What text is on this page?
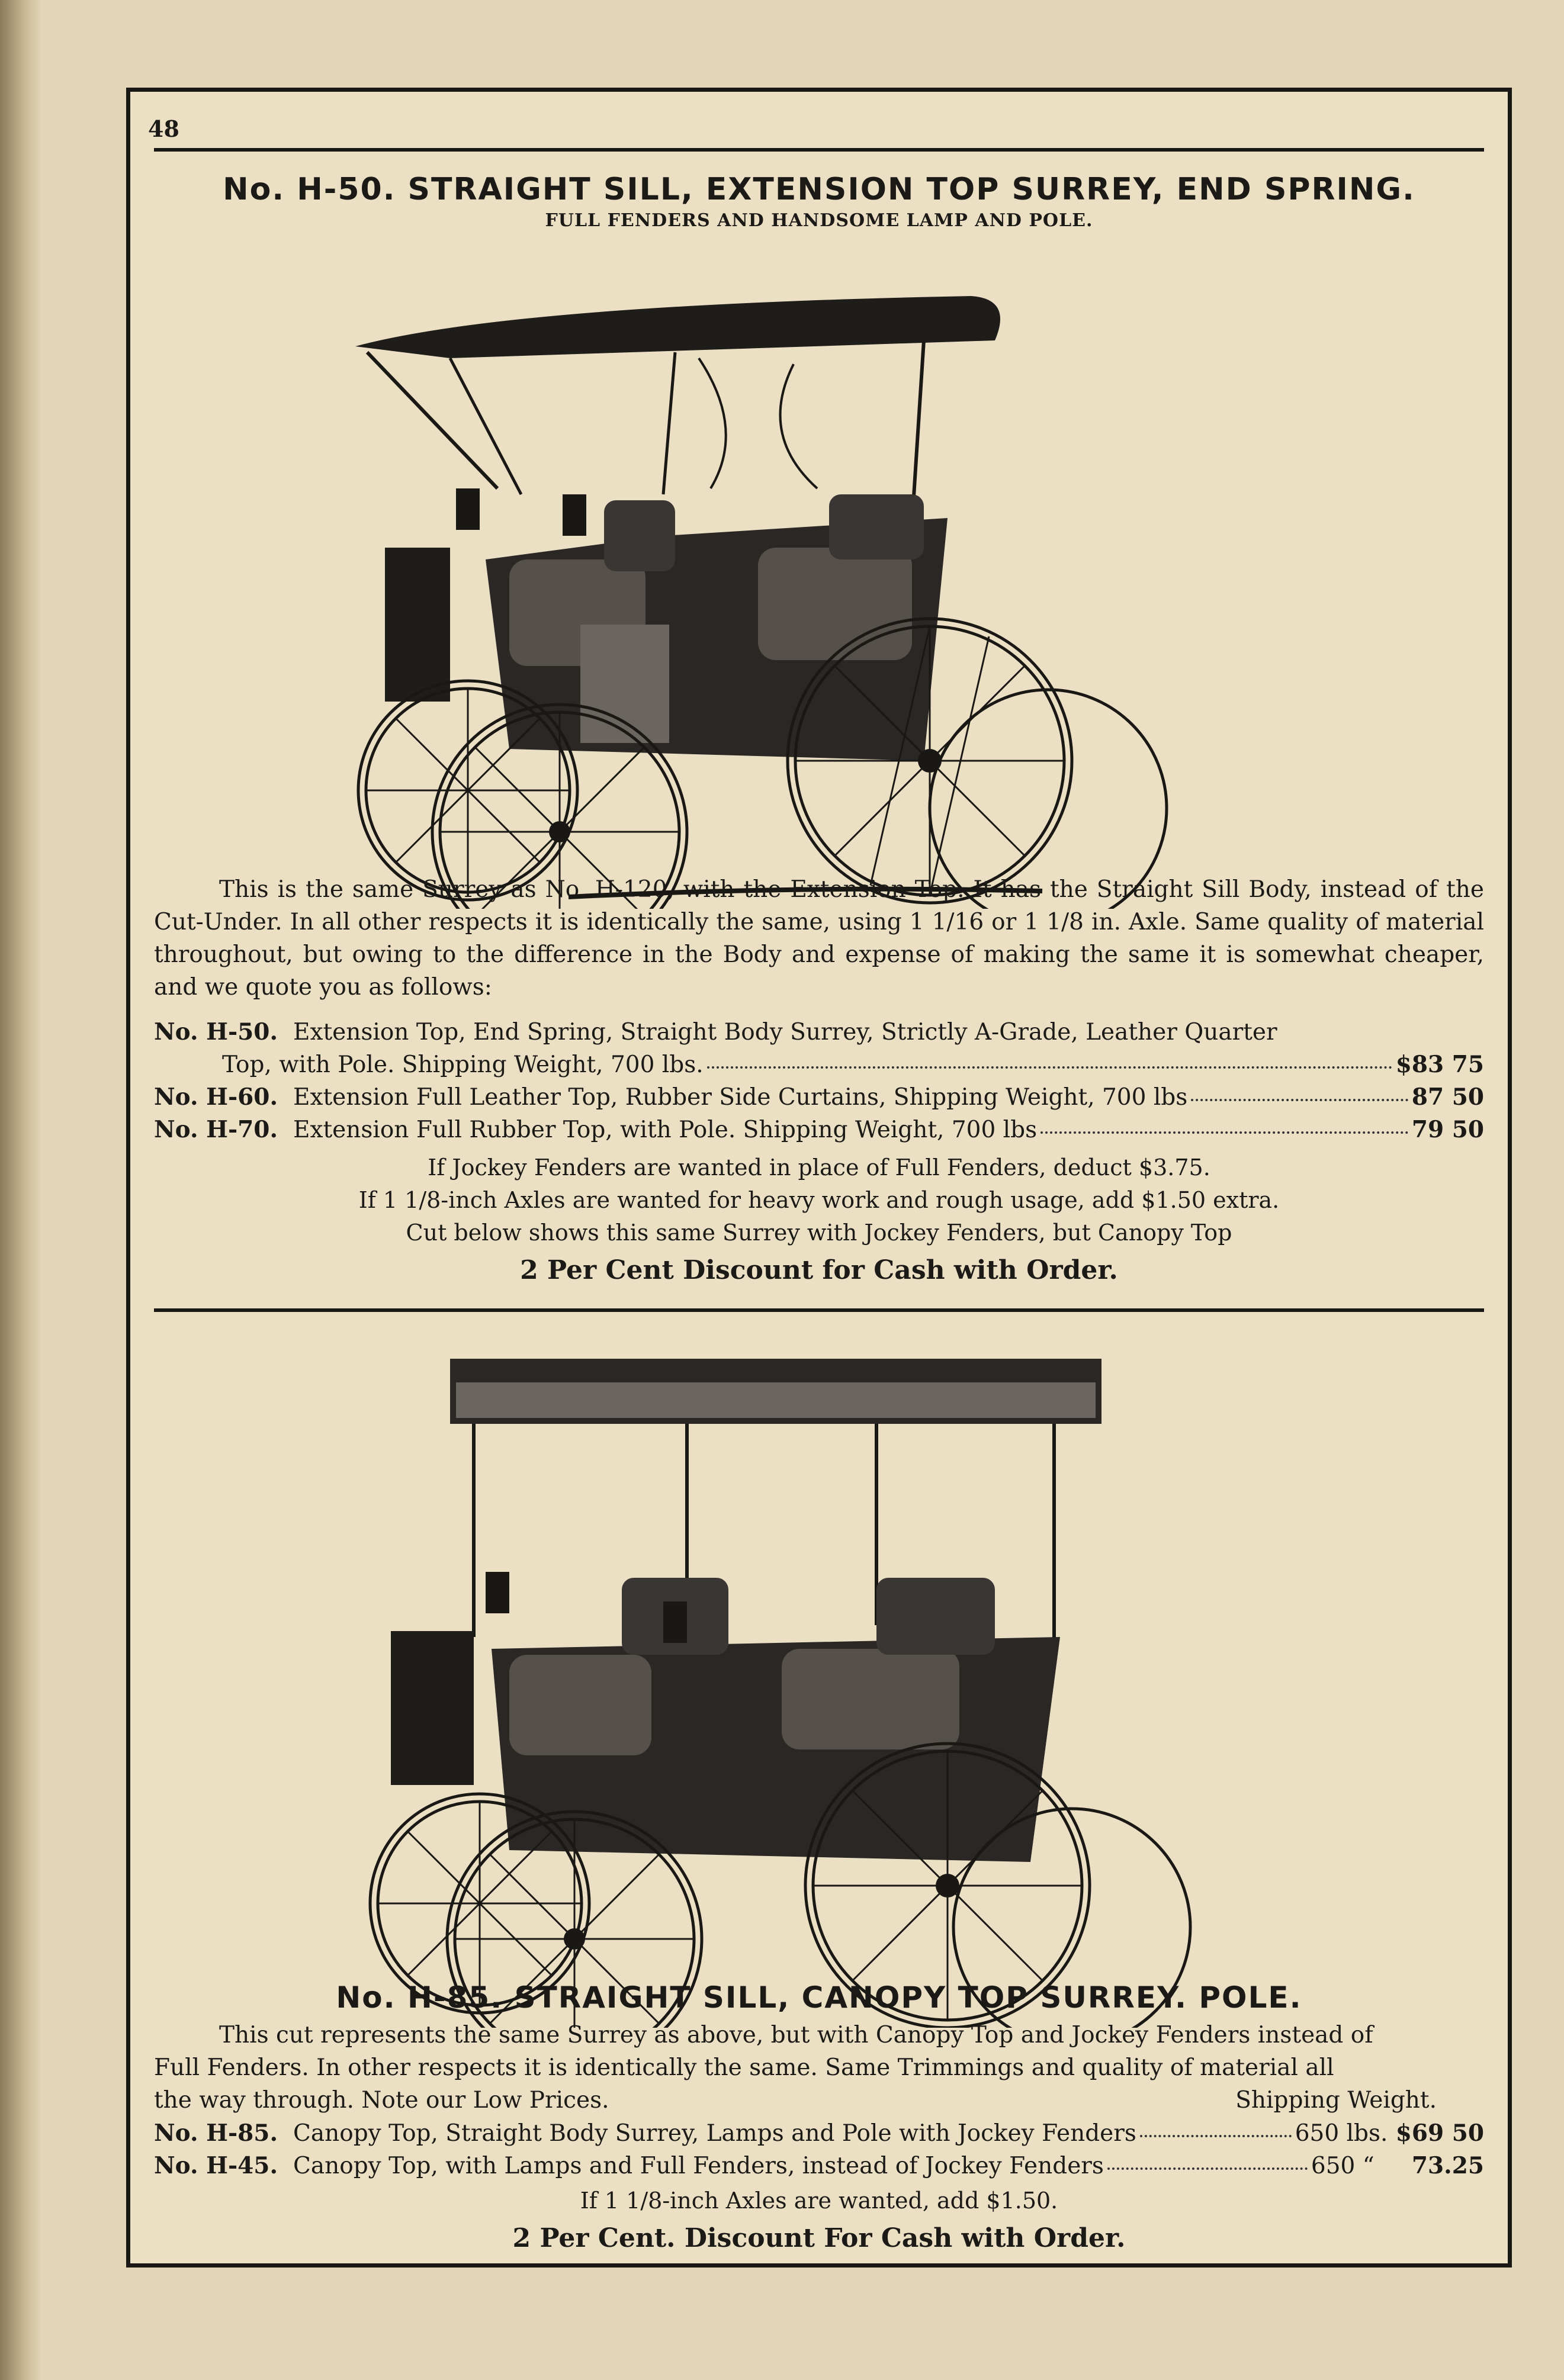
48
No. H-50. STRAIGHT SILL, EXTENSION TOP SURREY, END SPRING.
FULL FENDERS AND HANDSOME LAMP AND POLE.
This is the same Surrey as No. H-120, with the Extension Top. It has the Straight Sill Body, instead of the Cut-Under. In all other respects it is identically the same, using 1 1/16 or 1 1/8 in. Axle. Same quality of material throughout, but owing to the difference in the Body and expense of making the same it is somewhat cheaper, and we quote you as follows:
No. H-50. Extension Top, End Spring, Straight Body Surrey, Strictly A-Grade, Leather Quarter
Top, with Pole. Shipping Weight, 700 lbs.	$83 75
No. H-60. Extension Full Leather Top, Rubber Side Curtains, Shipping Weight, 700 lbs	87 50
No. H-70. Extension Full Rubber Top, with Pole. Shipping Weight, 700 lbs	79 50
If Jockey Fenders are wanted in place of Full Fenders, deduct $3.75.
If 1 1/8-inch Axles are wanted for heavy work and rough usage, add $1.50 extra.
Cut below shows this same Surrey with Jockey Fenders, but Canopy Top
2 Per Cent Discount for Cash with Order.
No. H-85. STRAIGHT SILL, CANOPY TOP SURREY. POLE.
This cut represents the same Surrey as above, but with Canopy Top and Jockey Fenders instead of
Full Fenders. In other respects it is identically the same. Same Trimmings and quality of material all
the way through. Note our Low Prices.	Shipping Weight.
No. H-85. Canopy Top, Straight Body Surrey, Lamps and Pole with Jockey Fenders	650 lbs. $69 50
No. H-45. Canopy Top, with Lamps and Full Fenders, instead of Jockey Fenders	650 “	73.25
If 1 1/8-inch Axles are wanted, add $1.50.
2 Per Cent. Discount For Cash with Order.
